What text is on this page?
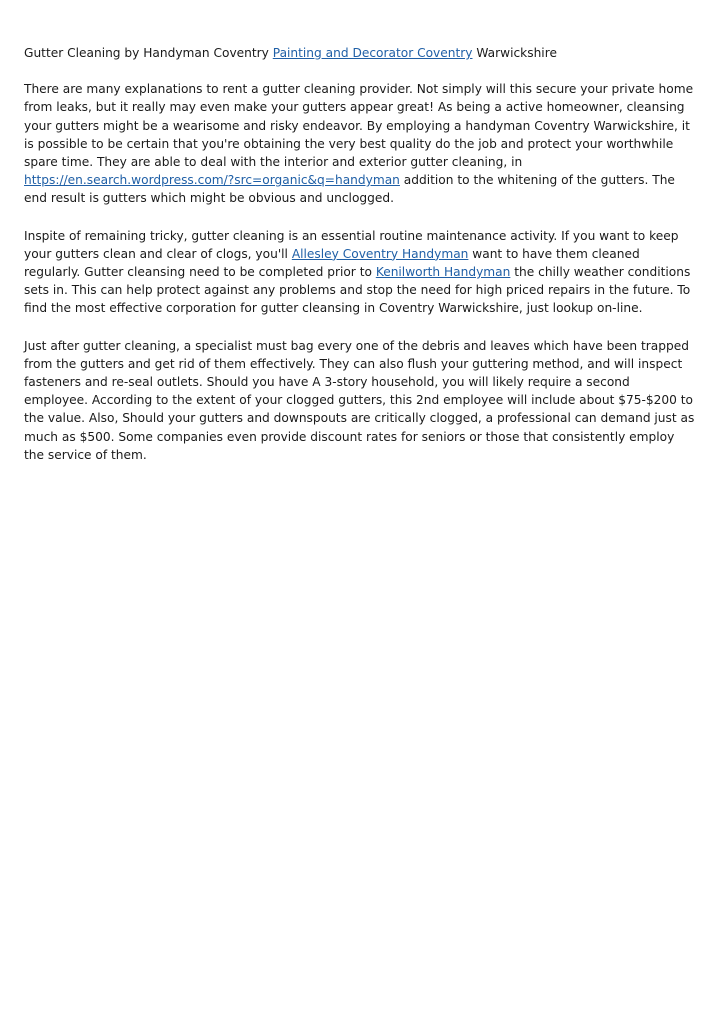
Gutter Cleaning by Handyman Coventry Painting and Decorator Coventry Warwickshire

There are many explanations to rent a gutter cleaning provider. Not simply will this secure your private home from leaks, but it really may even make your gutters appear great! As being a active homeowner, cleansing your gutters might be a wearisome and risky endeavor. By employing a handyman Coventry Warwickshire, it is possible to be certain that you're obtaining the very best quality do the job and protect your worthwhile spare time. They are able to deal with the interior and exterior gutter cleaning, in https://en.search.wordpress.com/?src=organic&q=handyman addition to the whitening of the gutters. The end result is gutters which might be obvious and unclogged.

Inspite of remaining tricky, gutter cleaning is an essential routine maintenance activity. If you want to keep your gutters clean and clear of clogs, you'll Allesley Coventry Handyman want to have them cleaned regularly. Gutter cleansing need to be completed prior to Kenilworth Handyman the chilly weather conditions sets in. This can help protect against any problems and stop the need for high priced repairs in the future. To find the most effective corporation for gutter cleansing in Coventry Warwickshire, just lookup on-line.

Just after gutter cleaning, a specialist must bag every one of the debris and leaves which have been trapped from the gutters and get rid of them effectively. They can also flush your guttering method, and will inspect fasteners and re-seal outlets. Should you have A 3-story household, you will likely require a second employee. According to the extent of your clogged gutters, this 2nd employee will include about $75-$200 to the value. Also, Should your gutters and downspouts are critically clogged, a professional can demand just as much as $500. Some companies even provide discount rates for seniors or those that consistently employ the service of them.
